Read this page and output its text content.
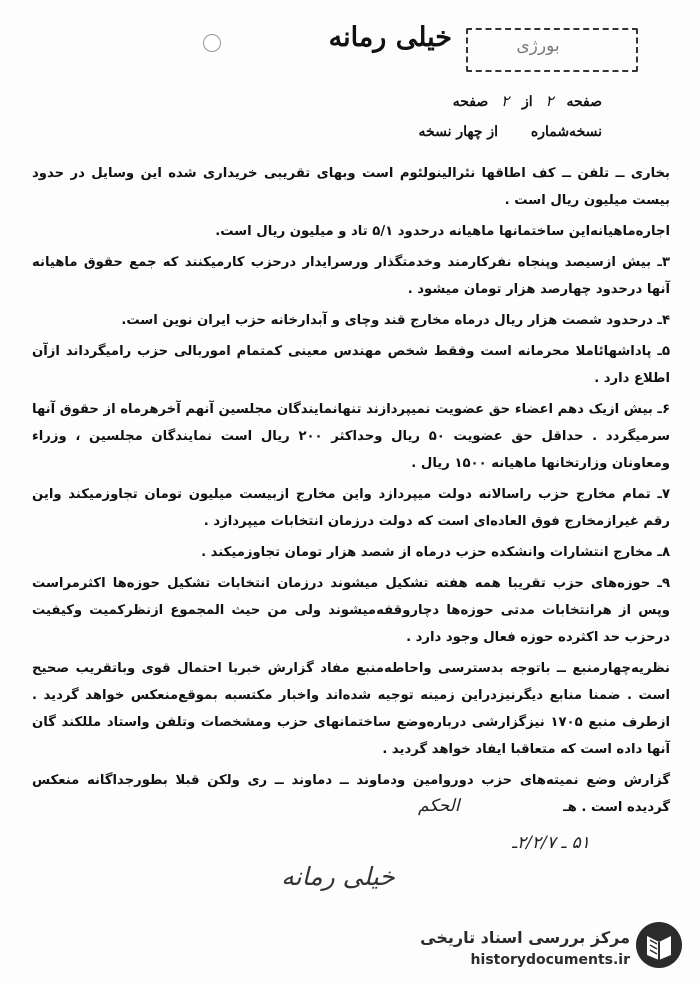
بورژی
خیلی رمانه
صفحه ۲ از ۲ صفحه
نسخه‌شماره از چهار نسخه

بخاری ــ تلفن ــ کف اطاقها نئرالینولئوم است وبهای تقریبی خریداری شده این وسایل در حدود بیست میلیون ریال است .

اجاره‌ماهیانه‌این ساختمانها ماهیانه درحدود ۵/۱ تاد و میلیون ریال است.

۳ـ بیش ازسیصد وپنجاه نفرکارمند وخدمتگذار ورسرایدار درحزب کارمیکنند که جمع حقوق ماهیانه آنها درحدود چهارصد هزار تومان میشود .

۴ـ درحدود شصت هزار ریال درماه مخارج قند وچای و آبدارخانه حزب ایران نوین است.

۵ـ پاداشهائاملا محرمانه است وفقط شخص مهندس معینی کمتمام اموربالی حزب رامیگرداند ازآن اطلاع دارد .

۶ـ بیش ازیک دهم اعضاء حق عضویت نمیپردازند تنهانمایندگان مجلسین آنهم آخرهرماه از حقوق آنها سرمیگردد . حداقل حق عضویت ۵۰ ریال وحداکثر ۲۰۰ ریال است نمایندگان مجلسین ، وزراء ومعاونان وزارتخانها ماهیانه ۱۵۰۰ ریال .

۷ـ تمام مخارج حزب راسالانه دولت میپردازد واین مخارج ازبیست میلیون تومان تجاوزمیکند واین رقم غیرازمخارج فوق العاده‌ای است که دولت درزمان انتخابات میپردازد .

۸ـ مخارج انتشارات وانشکده حزب درماه از شصد هزار تومان تجاوزمیکند .

۹ـ حوزه‌های حزب تقریبا همه هفته تشکیل میشوند درزمان انتخابات تشکیل حوزه‌ها اکثرمراست وپس از هرانتخابات مدتی حوزه‌ها دچاروقفه‌میشوند ولی من حیث المجموع ازنظرکمیت وکیفیت درحزب حد اکثرده حوزه فعال وجود دارد .

نظریه‌چهارمنبع ــ باتوجه بدسترسی واحاطه‌منبع مفاد گزارش خبربا احتمال قوی وباتقریب صحیح است . ضمنا منابع دیگرنیزدراین زمینه توجیه شده‌اند واخبار مکتسبه بموقع‌منعکس خواهد گردید . ازطرف منبع ۱۷۰۵ نیزگزارشی درباره‌وضع ساختمانهای حزب ومشخصات وتلفن واستاد مللکند گان آنها داده است که متعاقبا ایفاد خواهد گردید .

گزارش وضع نمیته‌های حزب دوروامین ودماوند ــ دماوند ــ ری ولکن قبلا بطورجداگانه منعکس گردیده است . هـ

الحکم
۵۱ ـ ۲/۲/۷ـ
خیلی رمانه
مرکز بررسی اسناد تاریخی
historydocuments.ir
